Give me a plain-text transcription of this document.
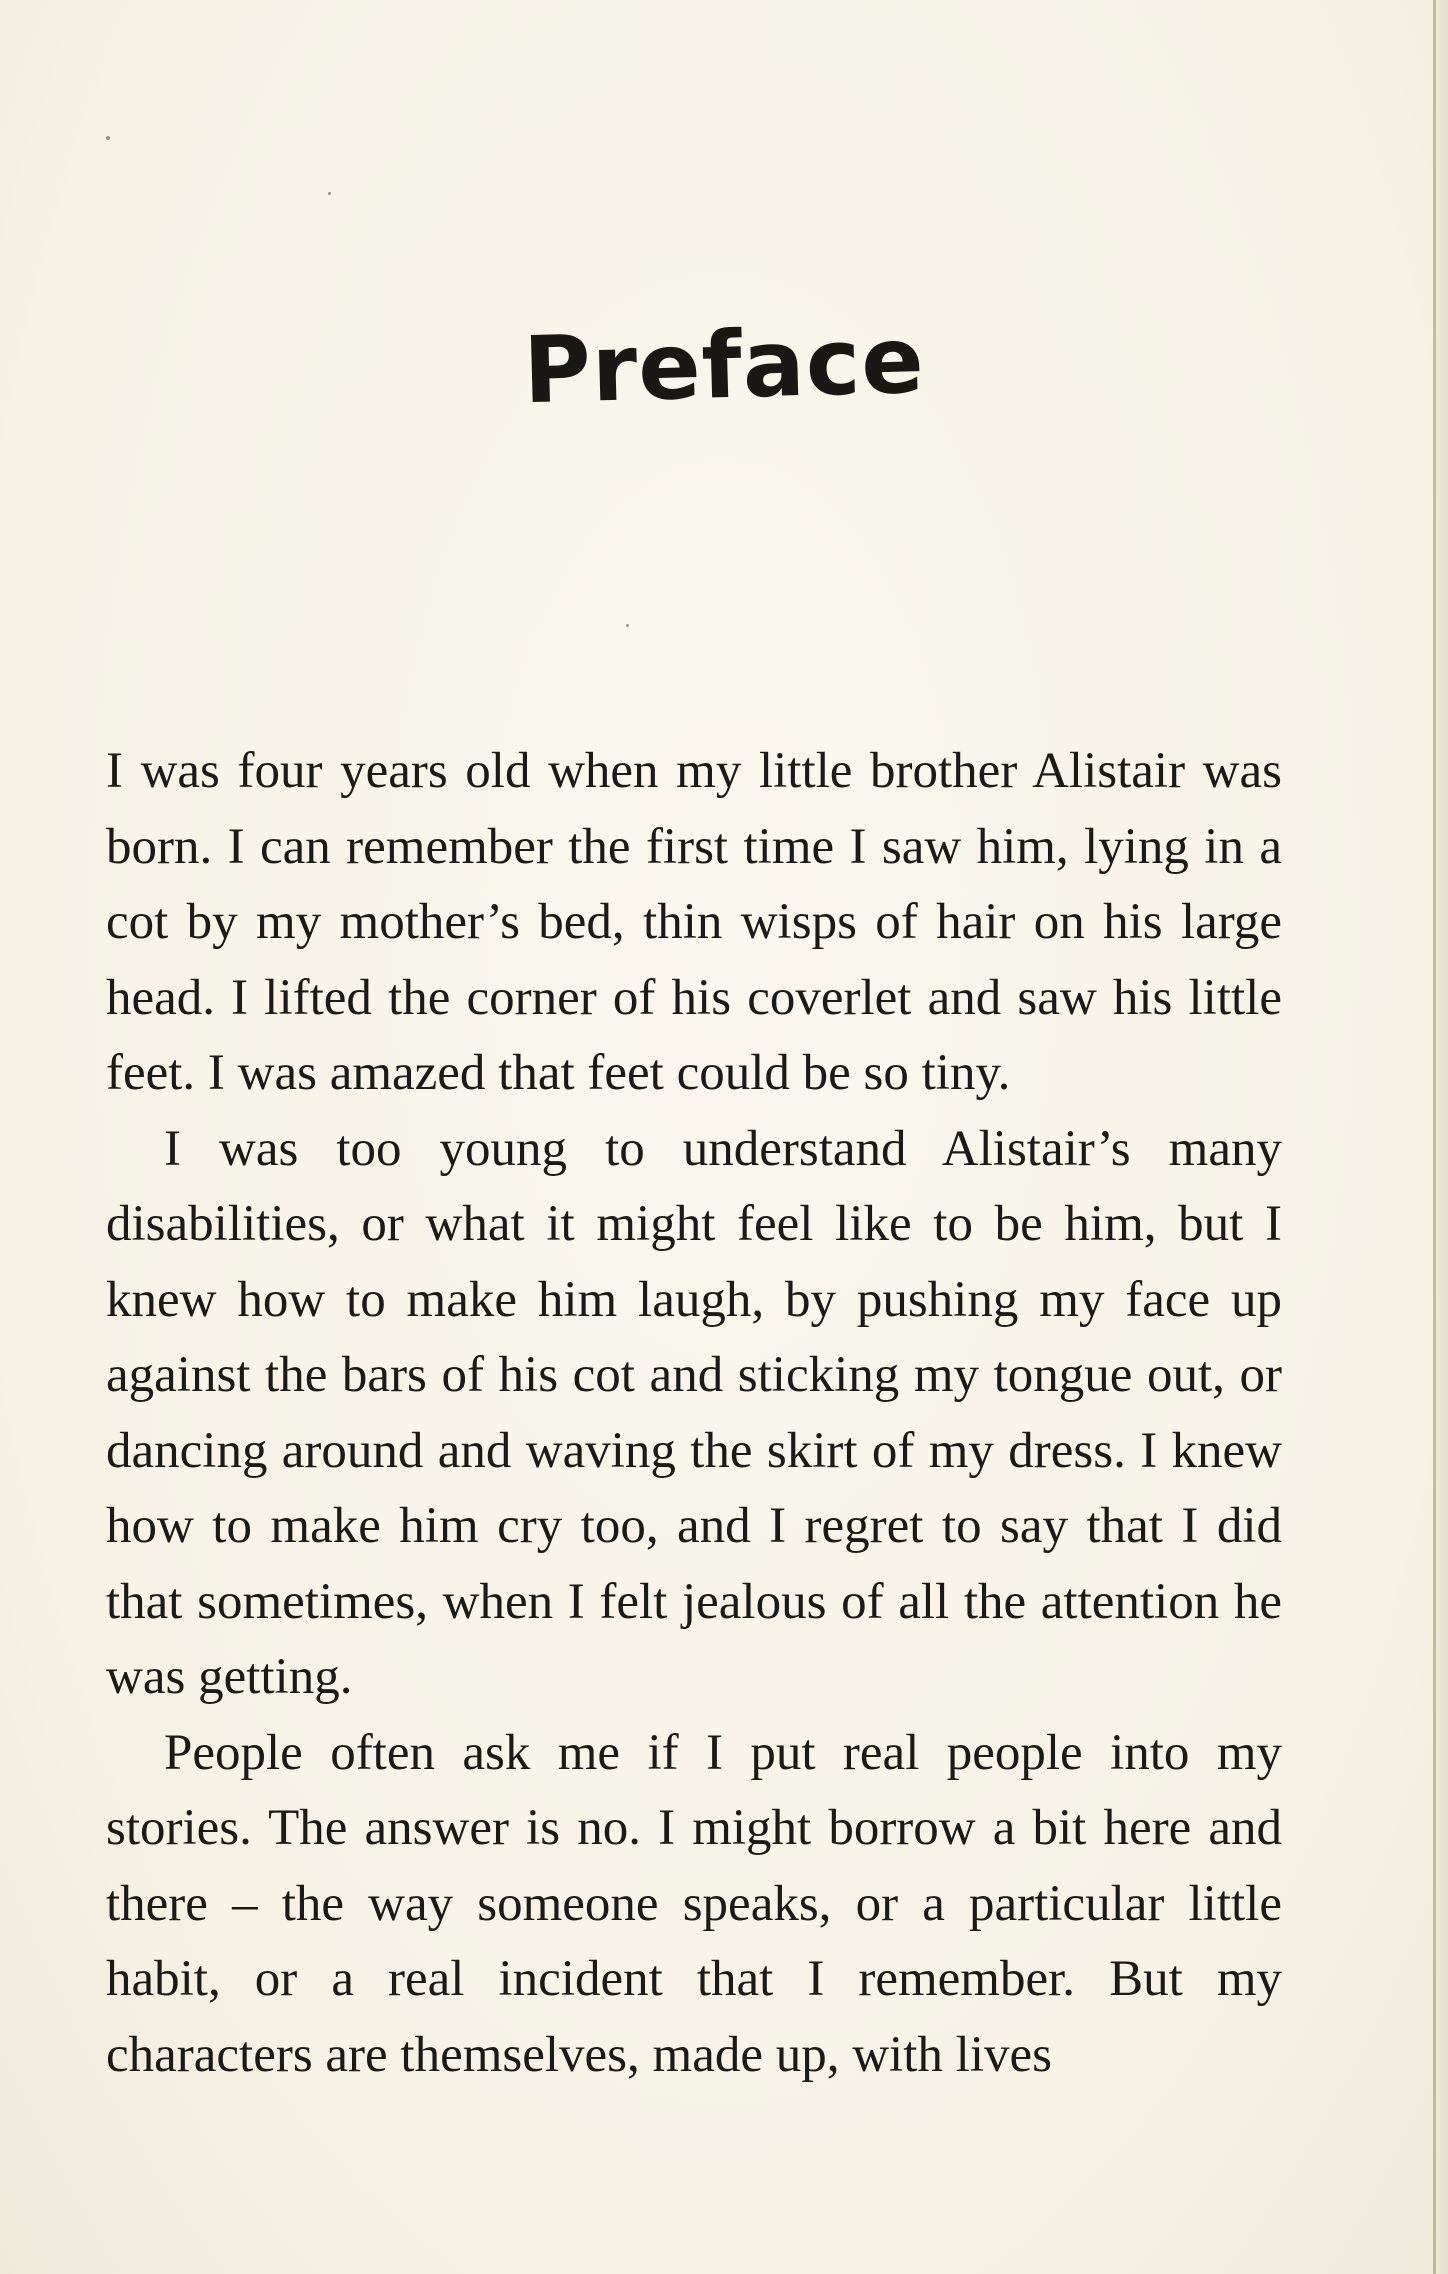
Preface

I was four years old when my little brother Alistair was born. I can remember the first time I saw him, lying in a cot by my mother’s bed, thin wisps of hair on his large head. I lifted the corner of his coverlet and saw his little feet. I was amazed that feet could be so tiny.

I was too young to understand Alistair’s many disabilities, or what it might feel like to be him, but I knew how to make him laugh, by pushing my face up against the bars of his cot and sticking my tongue out, or dancing around and waving the skirt of my dress. I knew how to make him cry too, and I regret to say that I did that sometimes, when I felt jealous of all the attention he was getting.

People often ask me if I put real people into my stories. The answer is no. I might borrow a bit here and there – the way someone speaks, or a particular little habit, or a real incident that I remember. But my characters are themselves, made up, with lives
